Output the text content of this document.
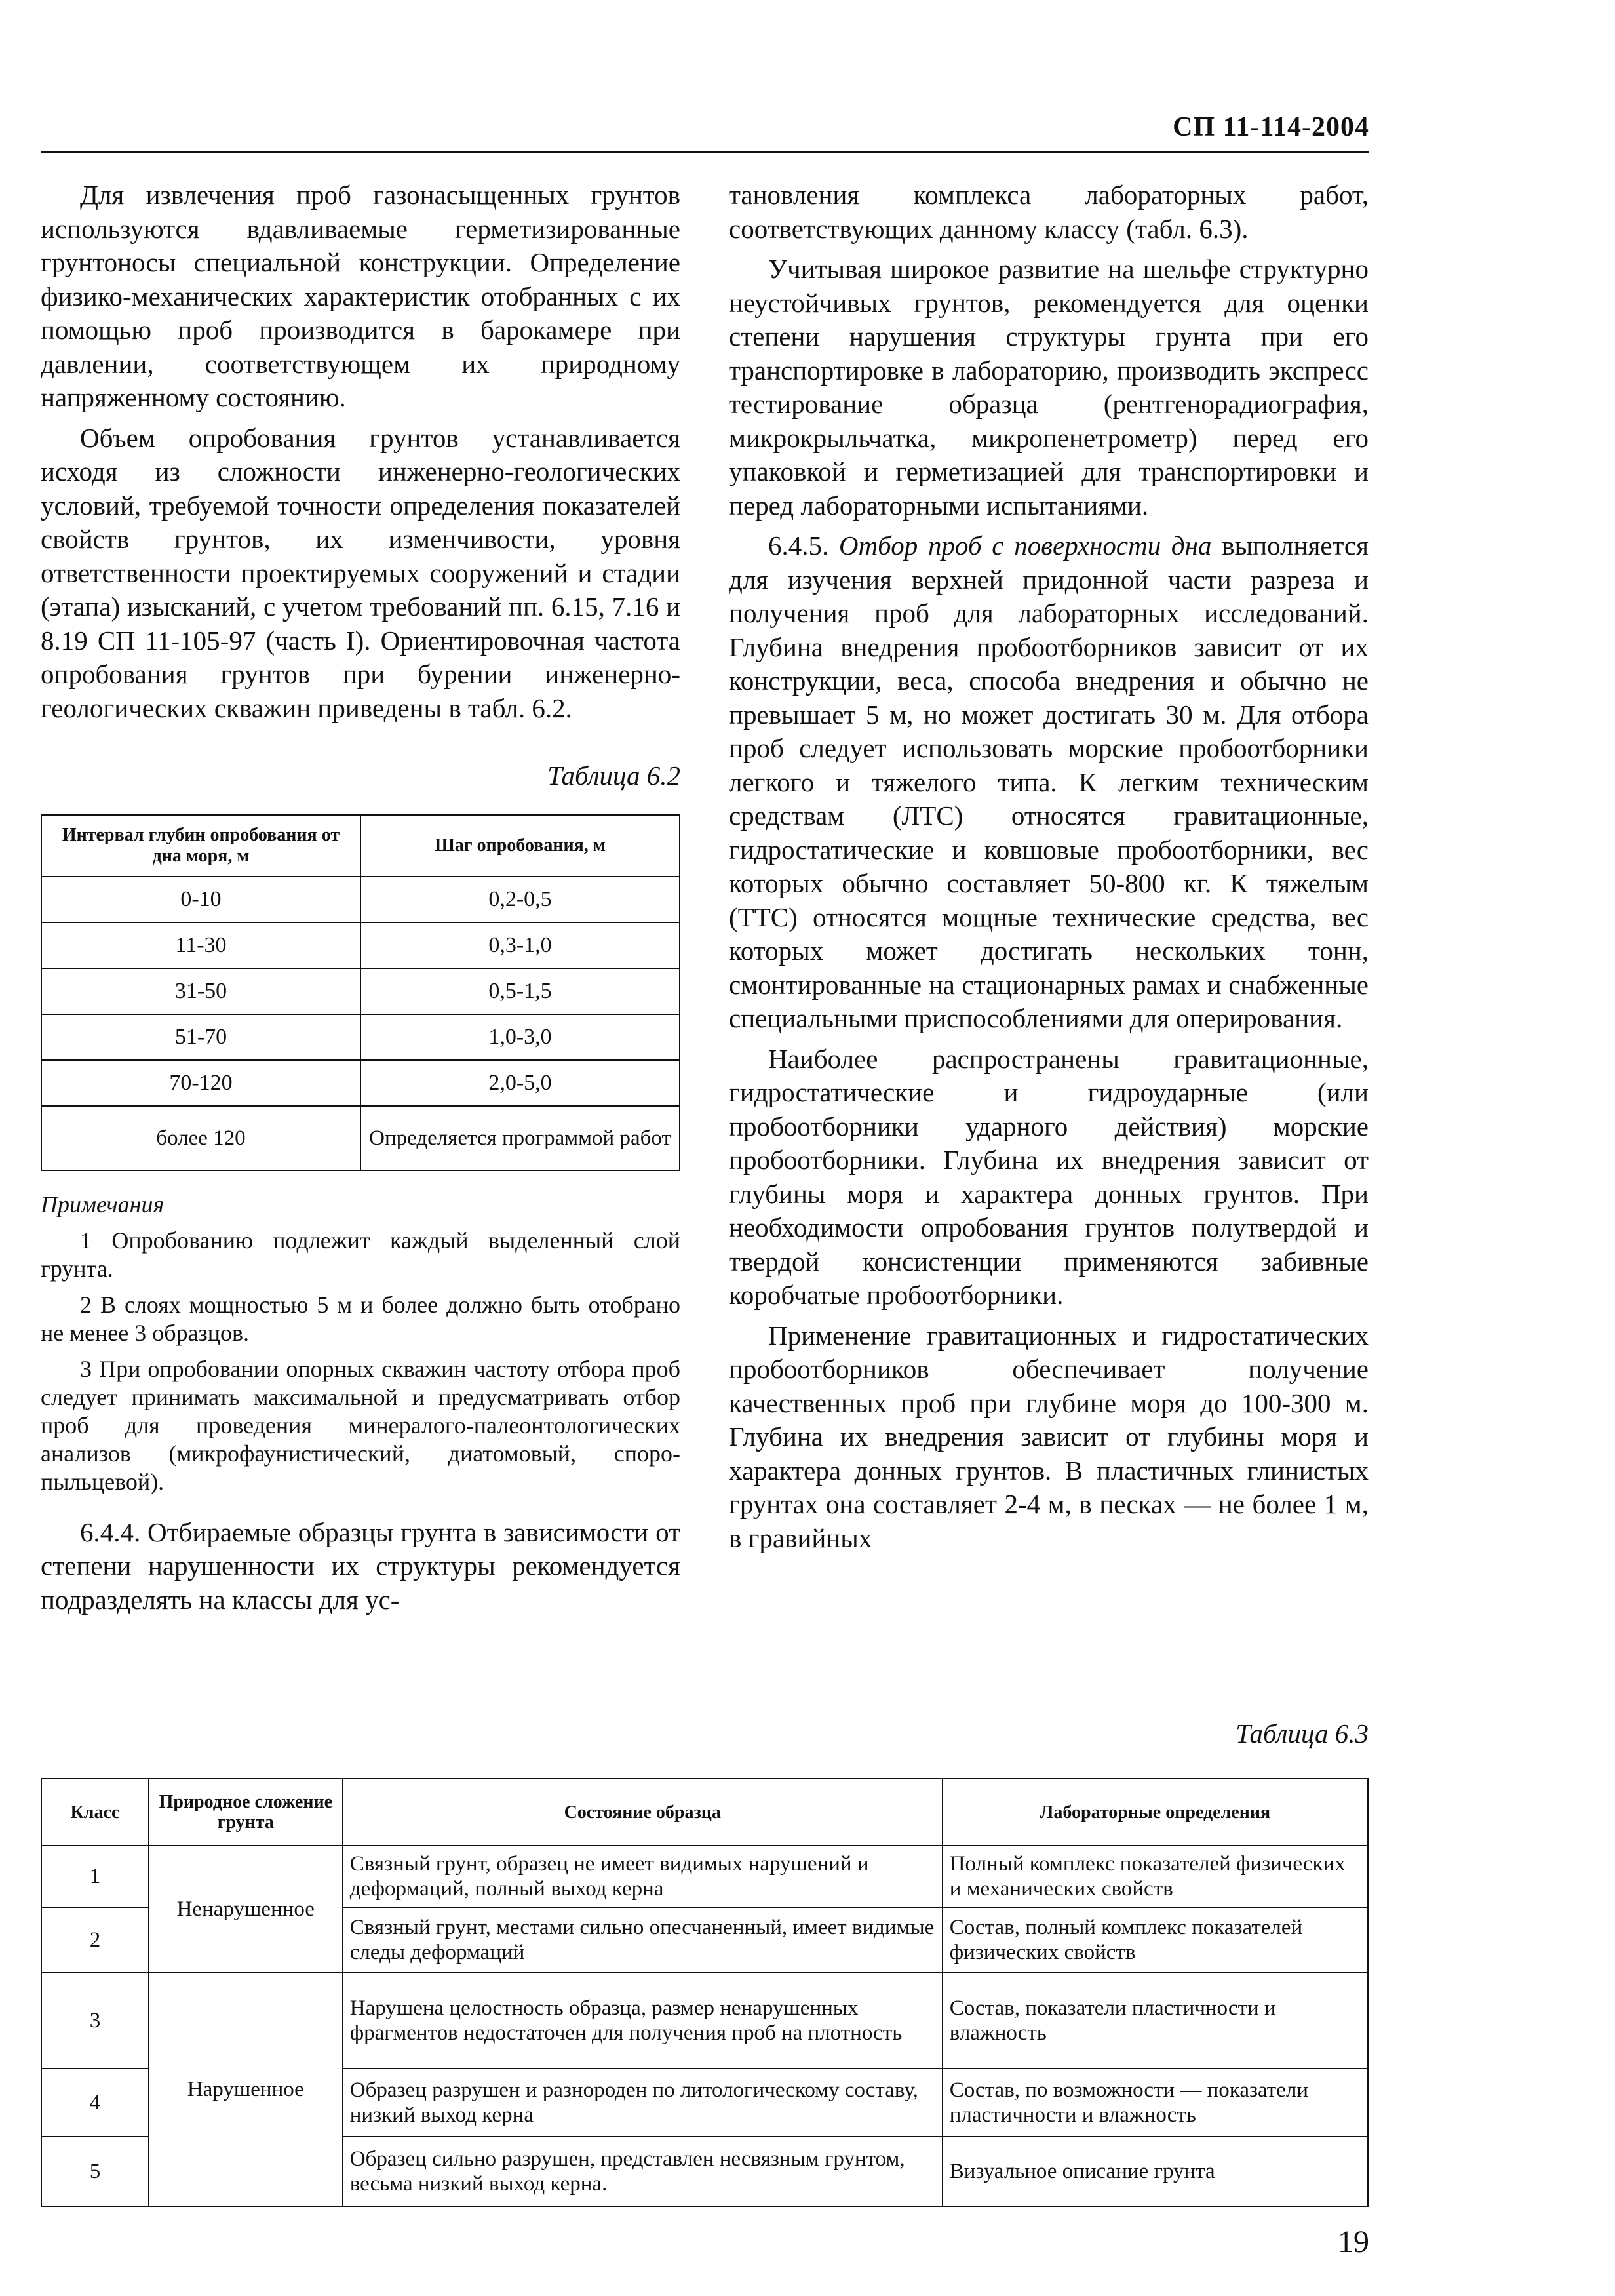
СП 11-114-2004

Для извлечения проб газонасыщенных грунтов используются вдавливаемые герметизированные грунтоносы специальной конструкции. Определение физико-механических характеристик отобранных с их помощью проб производится в барокамере при давлении, соответствующем их природному напряженному состоянию.

Объем опробования грунтов устанавливается исходя из сложности инженерно-геологических условий, требуемой точности определения показателей свойств грунтов, их изменчивости, уровня ответственности проектируемых сооружений и стадии (этапа) изысканий, с учетом требований пп. 6.15, 7.16 и 8.19 СП 11-105-97 (часть I). Ориентировочная частота опробования грунтов при бурении инженерно-геологических скважин приведены в табл. 6.2.

Таблица 6.2
Интервал глубин опробования от дна моря, м	Шаг опробования, м
0-10	0,2-0,5
11-30	0,3-1,0
31-50	0,5-1,5
51-70	1,0-3,0
70-120	2,0-5,0
более 120	Определяется программой работ
Примечания

1 Опробованию подлежит каждый выделенный слой грунта.

2 В слоях мощностью 5 м и более должно быть отобрано не менее 3 образцов.

3 При опробовании опорных скважин частоту отбора проб следует принимать максимальной и предусматривать отбор проб для проведения минералого-палеонтологических анализов (микрофаунистический, диатомовый, споро-пыльцевой).

6.4.4. Отбираемые образцы грунта в зависимости от степени нарушенности их структуры рекомендуется подразделять на классы для ус-

тановления комплекса лабораторных работ, соответствующих данному классу (табл. 6.3).

Учитывая широкое развитие на шельфе структурно неустойчивых грунтов, рекомендуется для оценки степени нарушения структуры грунта при его транспортировке в лабораторию, производить экспресс тестирование образца (рентгенорадиография, микрокрыльчатка, микропенетрометр) перед его упаковкой и герметизацией для транспортировки и перед лабораторными испытаниями.

6.4.5. Отбор проб с поверхности дна выполняется для изучения верхней придонной части разреза и получения проб для лабораторных исследований. Глубина внедрения пробоотборников зависит от их конструкции, веса, способа внедрения и обычно не превышает 5 м, но может достигать 30 м. Для отбора проб следует использовать морские пробоотборники легкого и тяжелого типа. К легким техническим средствам (ЛТС) относятся гравитационные, гидростатические и ковшовые пробоотборники, вес которых обычно составляет 50-800 кг. К тяжелым (ТТС) относятся мощные технические средства, вес которых может достигать нескольких тонн, смонтированные на стационарных рамах и снабженные специальными приспособлениями для оперирования.

Наиболее распространены гравитационные, гидростатические и гидроударные (или пробоотборники ударного действия) морские пробоотборники. Глубина их внедрения зависит от глубины моря и характера донных грунтов. При необходимости опробования грунтов полутвердой и твердой консистенции применяются забивные коробчатые пробоотборники.

Применение гравитационных и гидростатических пробоотборников обеспечивает получение качественных проб при глубине моря до 100-300 м. Глубина их внедрения зависит от глубины моря и характера донных грунтов. В пластичных глинистых грунтах она составляет 2-4 м, в песках — не более 1 м, в гравийных

Таблица 6.3
Класс	Природное сложение грунта	Состояние образца	Лабораторные определения
1	Ненарушенное	Связный грунт, образец не имеет видимых нарушений и деформаций, полный выход керна	Полный комплекс показателей физических и механических свойств
2		Связный грунт, местами сильно опесчаненный, имеет видимые следы деформаций	Состав, полный комплекс показателей физических свойств
3	Нарушенное	Нарушена целостность образца, размер ненарушенных фрагментов недостаточен для получения проб на плотность	Состав, показатели пластичности и влажность
4		Образец разрушен и разнороден по литологическому составу, низкий выход керна	Состав, по возможности — показатели пластичности и влажность
5		Образец сильно разрушен, представлен несвязным грунтом, весьма низкий выход керна.	Визуальное описание грунта
19
